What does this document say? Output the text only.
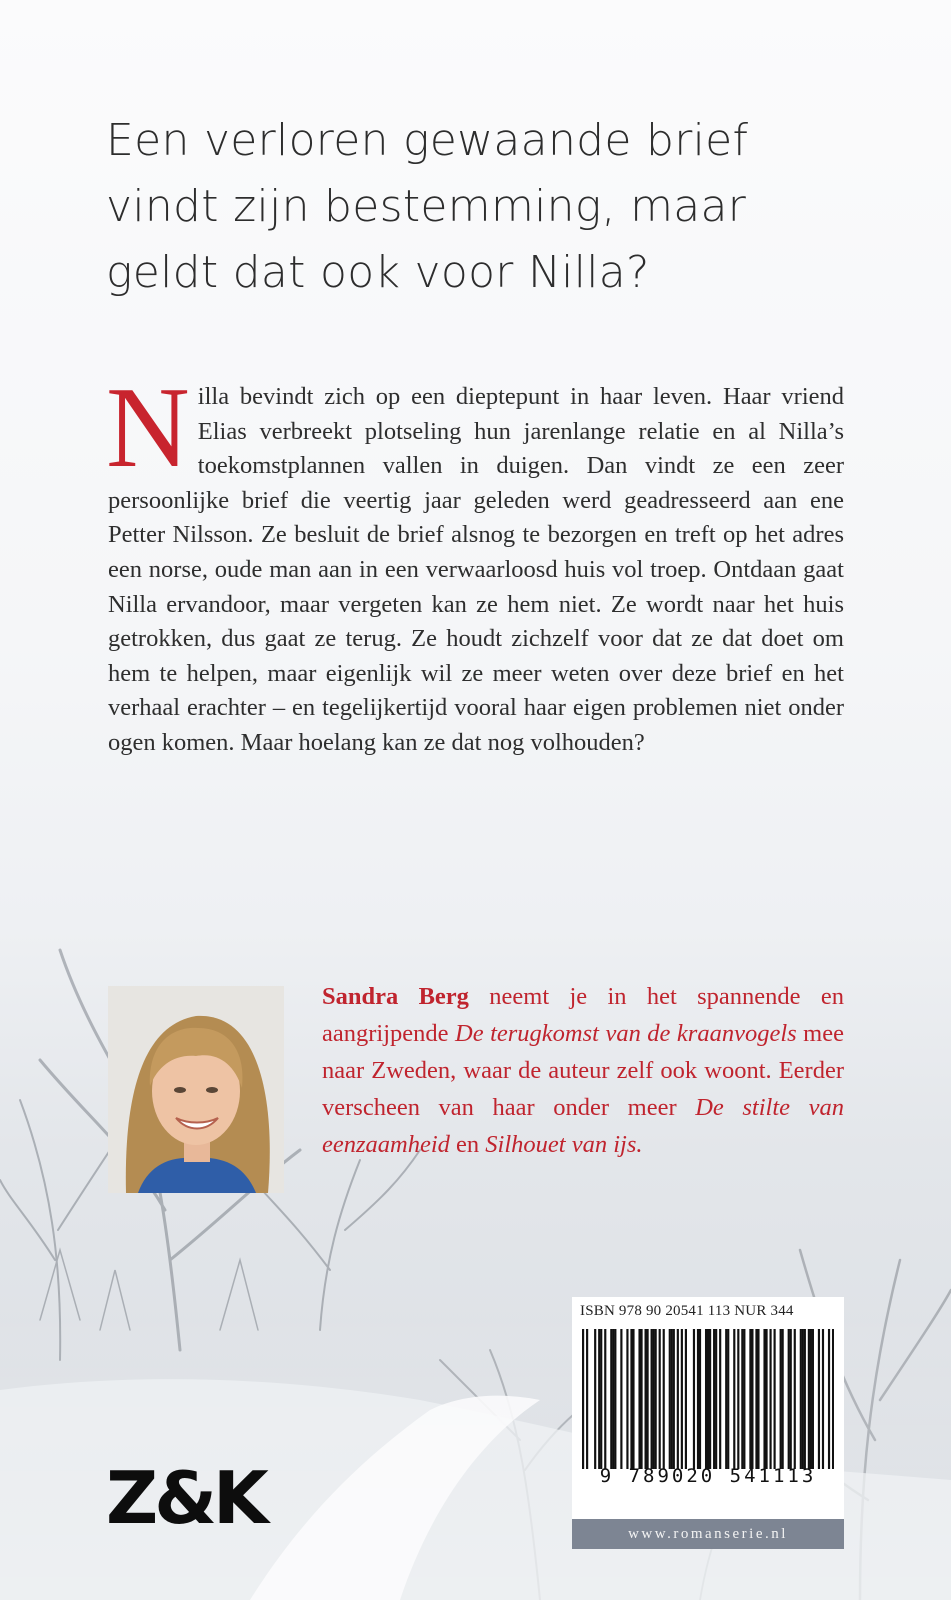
Een verloren gewaande brief
vindt zijn bestemming, maar
geldt dat ook voor Nilla?
N illa bevindt zich op een dieptepunt in haar leven. Haar vriend Elias verbreekt plotseling hun jarenlange relatie en al Nilla’s toekomstplannen vallen in duigen. Dan vindt ze een zeer persoonlijke brief die veertig jaar geleden werd geadresseerd aan ene Petter Nilsson. Ze besluit de brief alsnog te bezorgen en treft op het adres een norse, oude man aan in een verwaarloosd huis vol troep. Ontdaan gaat Nilla ervandoor, maar vergeten kan ze hem niet. Ze wordt naar het huis getrokken, dus gaat ze terug. Ze houdt zichzelf voor dat ze dat doet om hem te helpen, maar eigenlijk wil ze meer weten over deze brief en het verhaal erachter – en tegelijkertijd vooral haar eigen problemen niet onder ogen komen. Maar hoelang kan ze dat nog volhouden?

Sandra Berg neemt je in het spannende en aangrijpende De terugkomst van de kraanvogels mee naar Zweden, waar de auteur zelf ook woont. Eerder verscheen van haar onder meer De stilte van eenzaamheid en Silhouet van ijs.

ISBN 978 90 20541 113 NUR 344
9 789020 541113
www.romanserie.nl
Z&K
